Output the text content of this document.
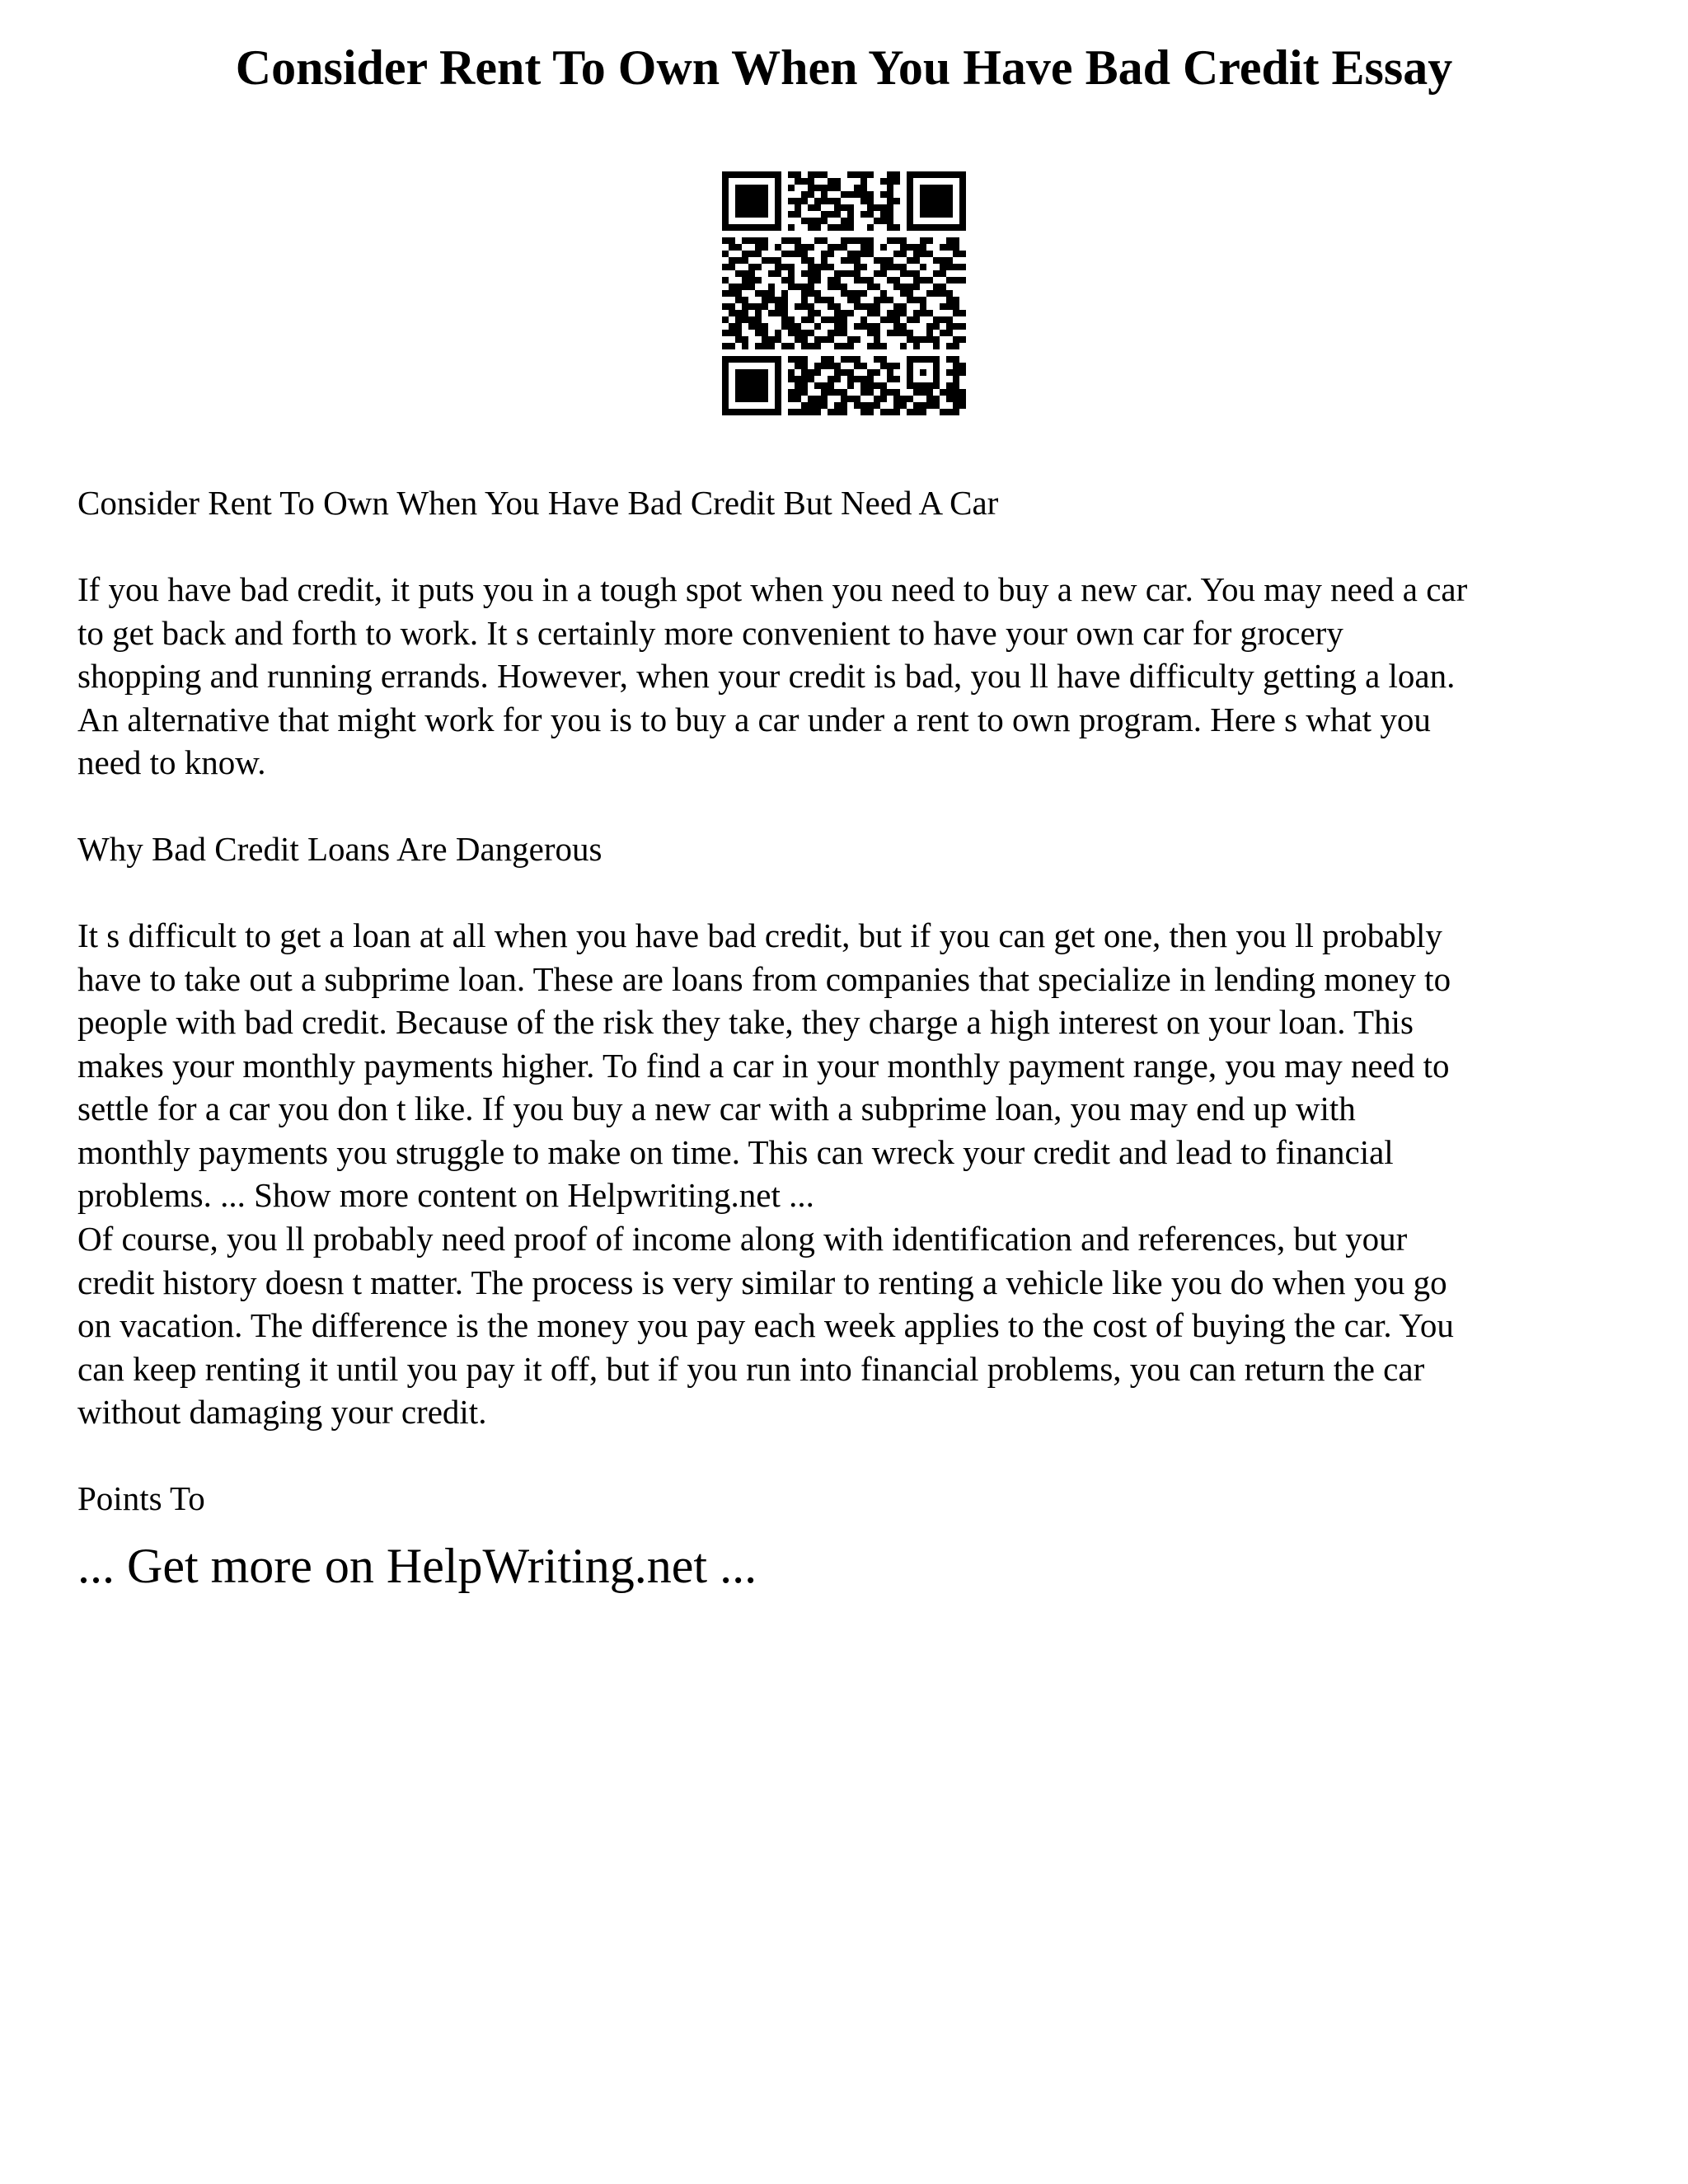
Consider Rent To Own When You Have Bad Credit Essay

Consider Rent To Own When You Have Bad Credit But Need A Car

If you have bad credit, it puts you in a tough spot when you need to buy a new car. You may need a car
to get back and forth to work. It s certainly more convenient to have your own car for grocery
shopping and running errands. However, when your credit is bad, you ll have difficulty getting a loan.
An alternative that might work for you is to buy a car under a rent to own program. Here s what you
need to know.

Why Bad Credit Loans Are Dangerous

It s difficult to get a loan at all when you have bad credit, but if you can get one, then you ll probably
have to take out a subprime loan. These are loans from companies that specialize in lending money to
people with bad credit. Because of the risk they take, they charge a high interest on your loan. This
makes your monthly payments higher. To find a car in your monthly payment range, you may need to
settle for a car you don t like. If you buy a new car with a subprime loan, you may end up with
monthly payments you struggle to make on time. This can wreck your credit and lead to financial
problems. ... Show more content on Helpwriting.net ...

Of course, you ll probably need proof of income along with identification and references, but your
credit history doesn t matter. The process is very similar to renting a vehicle like you do when you go
on vacation. The difference is the money you pay each week applies to the cost of buying the car. You
can keep renting it until you pay it off, but if you run into financial problems, you can return the car
without damaging your credit.

Points To

... Get more on HelpWriting.net ...
